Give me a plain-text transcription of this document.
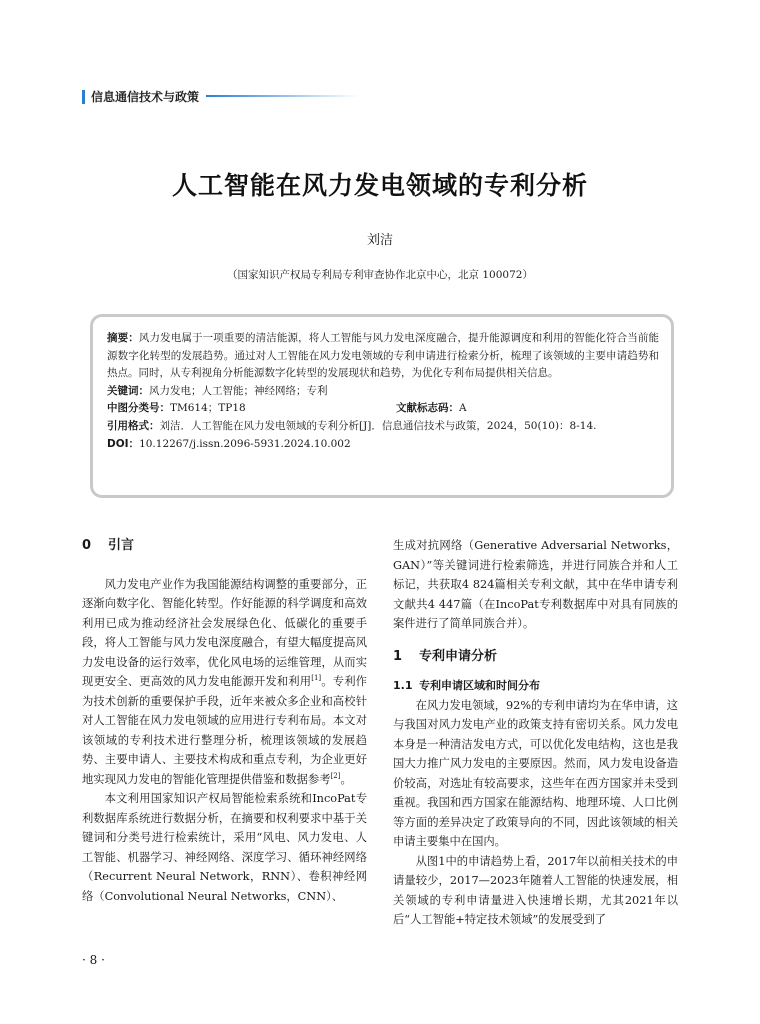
信息通信技术与政策
人工智能在风力发电领域的专利分析
刘洁
（国家知识产权局专利局专利审查协作北京中心，北京 100072）

摘要：风力发电属于一项重要的清洁能源，将人工智能与风力发电深度融合，提升能源调度和利用的智能化符合当前能源数字化转型的发展趋势。通过对人工智能在风力发电领域的专利申请进行检索分析，梳理了该领域的主要申请趋势和热点。同时，从专利视角分析能源数字化转型的发展现状和趋势，为优化专利布局提供相关信息。

关键词：风力发电；人工智能；神经网络；专利

中图分类号：TM614；TP18	文献标志码：A

引用格式：刘洁．人工智能在风力发电领域的专利分析[J]．信息通信技术与政策，2024，50(10)：8-14.

DOI：10.12267/j.issn.2096-5931.2024.10.002

0	引言

风力发电产业作为我国能源结构调整的重要部分，正逐渐向数字化、智能化转型。作好能源的科学调度和高效利用已成为推动经济社会发展绿色化、低碳化的重要手段，将人工智能与风力发电深度融合，有望大幅度提高风力发电设备的运行效率，优化风电场的运维管理，从而实现更安全、更高效的风力发电能源开发和利用[1]。专利作为技术创新的重要保护手段，近年来被众多企业和高校针对人工智能在风力发电领域的应用进行专利布局。本文对该领域的专利技术进行整理分析，梳理该领域的发展趋势、主要申请人、主要技术构成和重点专利，为企业更好地实现风力发电的智能化管理提供借鉴和数据参考[2]。

本文利用国家知识产权局智能检索系统和IncoPat专利数据库系统进行数据分析，在摘要和权利要求中基于关键词和分类号进行检索统计，采用“风电、风力发电、人工智能、机器学习、神经网络、深度学习、循环神经网络（Recurrent Neural Network，RNN）、卷积神经网络（Convolutional Neural Networks，CNN）、

生成对抗网络（Generative Adversarial Networks，GAN）”等关键词进行检索筛选，并进行同族合并和人工标记，共获取4 824篇相关专利文献，其中在华申请专利文献共4 447篇（在IncoPat专利数据库中对具有同族的案件进行了简单同族合并）。

1	专利申请分析
1.1 专利申请区域和时间分布

在风力发电领域，92%的专利申请均为在华申请，这与我国对风力发电产业的政策支持有密切关系。风力发电本身是一种清洁发电方式，可以优化发电结构，这也是我国大力推广风力发电的主要原因。然而，风力发电设备造价较高，对选址有较高要求，这些年在西方国家并未受到重视。我国和西方国家在能源结构、地理环境、人口比例等方面的差异决定了政策导向的不同，因此该领域的相关申请主要集中在国内。

从图1中的申请趋势上看，2017年以前相关技术的申请量较少，2017—2023年随着人工智能的快速发展，相关领域的专利申请量进入快速增长期，尤其2021年以后“人工智能+特定技术领域”的发展受到了

· 8 ·
